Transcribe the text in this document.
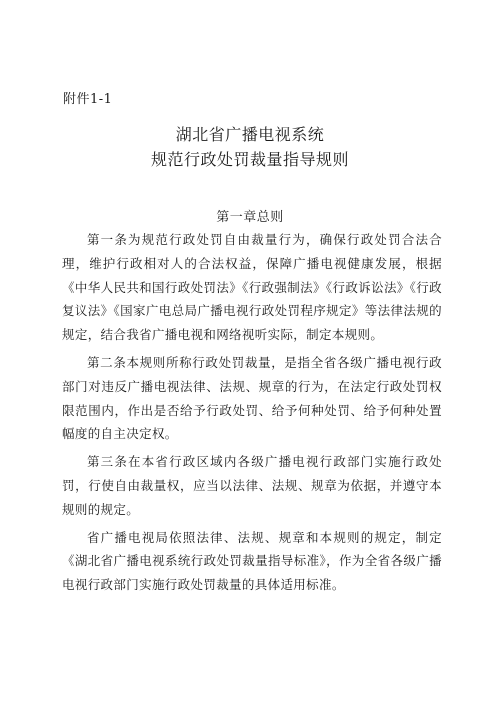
附件1-1
湖北省广播电视系统
规范行政处罚裁量指导规则
第一章总则

第一条为规范行政处罚自由裁量行为，确保行政处罚合法合理，维护行政相对人的合法权益，保障广播电视健康发展，根据《中华人民共和国行政处罚法》《行政强制法》《行政诉讼法》《行政复议法》《国家广电总局广播电视行政处罚程序规定》等法律法规的规定，结合我省广播电视和网络视听实际，制定本规则。

第二条本规则所称行政处罚裁量，是指全省各级广播电视行政部门对违反广播电视法律、法规、规章的行为，在法定行政处罚权限范围内，作出是否给予行政处罚、给予何种处罚、给予何种处置幅度的自主决定权。

第三条在本省行政区域内各级广播电视行政部门实施行政处罚，行使自由裁量权，应当以法律、法规、规章为依据，并遵守本规则的规定。

省广播电视局依照法律、法规、规章和本规则的规定，制定《湖北省广播电视系统行政处罚裁量指导标准》，作为全省各级广播电视行政部门实施行政处罚裁量的具体适用标准。
